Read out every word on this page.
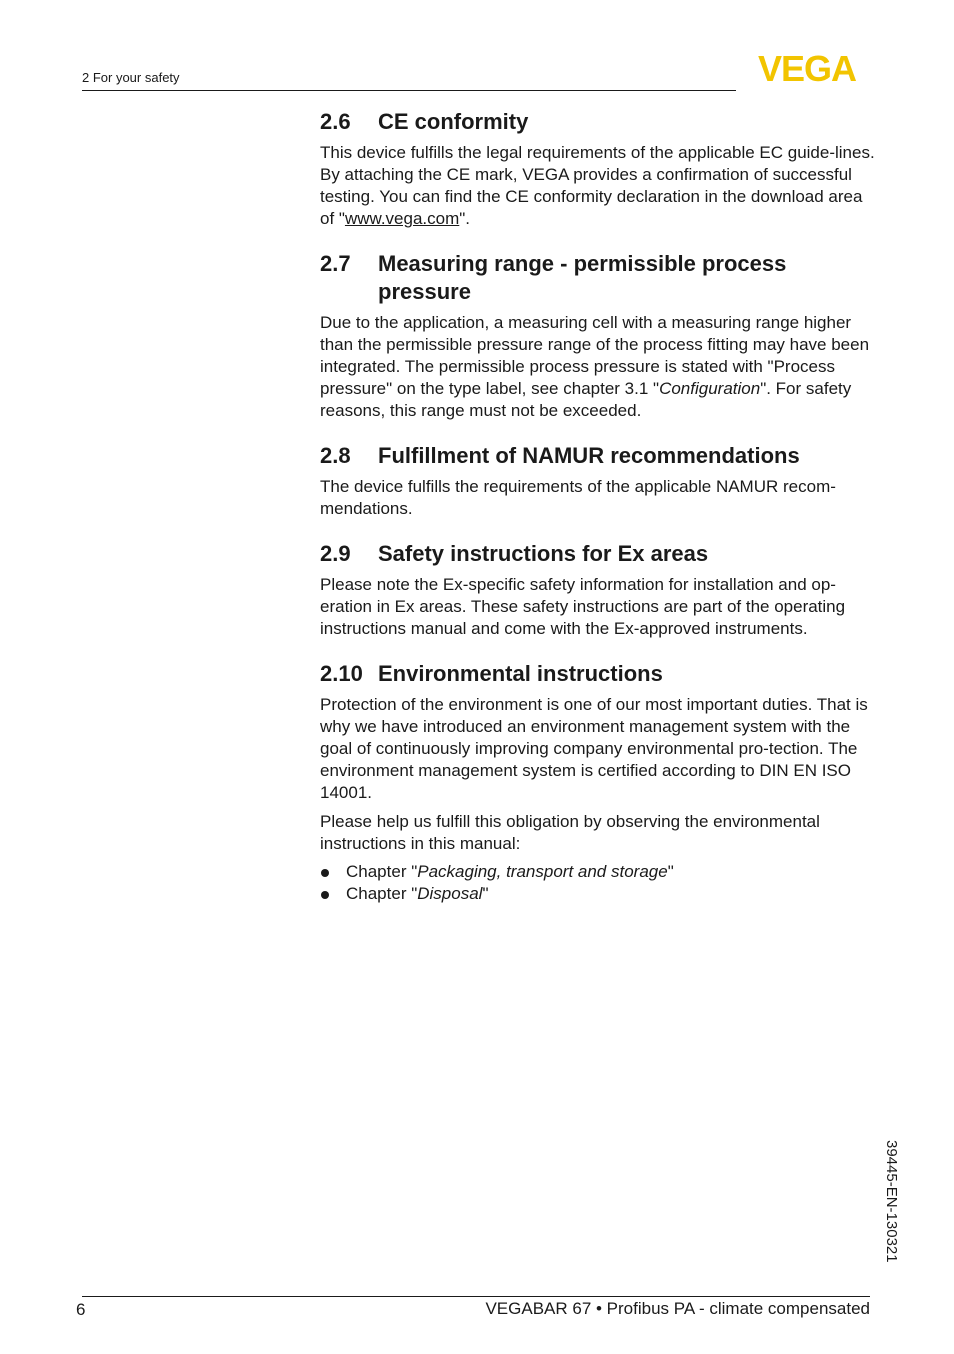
2 For your safety	VEGA
2.6	CE conformity

This device fulfills the legal requirements of the applicable EC guide-lines. By attaching the CE mark, VEGA provides a confirmation of successful testing. You can find the CE conformity declaration in the download area of "www.vega.com".

2.7	Measuring range - permissible process pressure

Due to the application, a measuring cell with a measuring range higher than the permissible pressure range of the process fitting may have been integrated. The permissible process pressure is stated with "Process pressure" on the type label, see chapter 3.1 "Configuration". For safety reasons, this range must not be exceeded.

2.8	Fulfillment of NAMUR recommendations

The device fulfills the requirements of the applicable NAMUR recom-mendations.

2.9	Safety instructions for Ex areas

Please note the Ex-specific safety information for installation and op-eration in Ex areas. These safety instructions are part of the operating instructions manual and come with the Ex-approved instruments.

2.10 Environmental instructions

Protection of the environment is one of our most important duties. That is why we have introduced an environment management system with the goal of continuously improving company environmental pro-tection. The environment management system is certified according to DIN EN ISO 14001.

Please help us fulfill this obligation by observing the environmental instructions in this manual:

Chapter "Packaging, transport and storage"
Chapter "Disposal"
39445-EN-130321
6	VEGABAR 67 • Profibus PA - climate compensated
